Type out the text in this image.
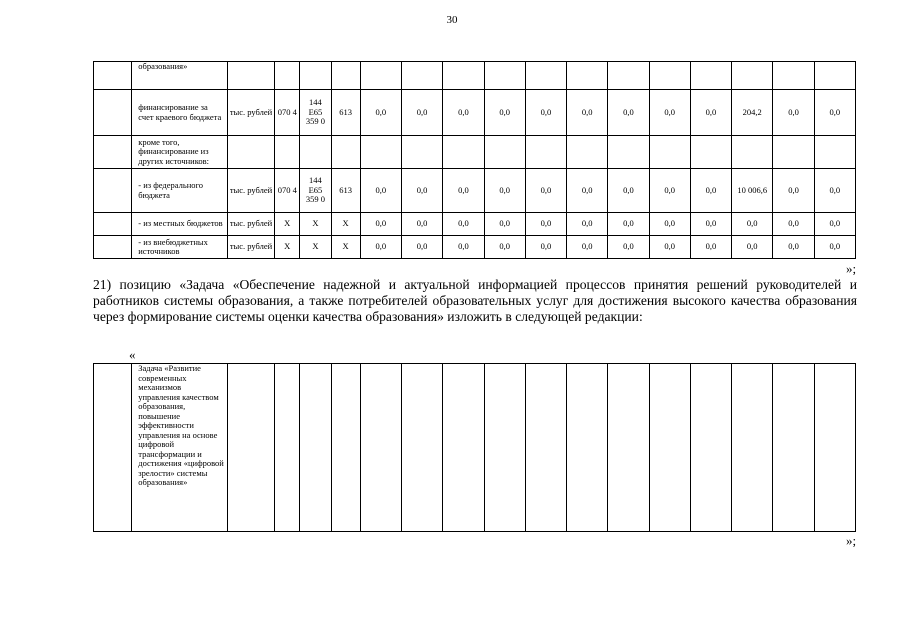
30
	образования»																
	финансирование за счет краевого бюджета	тыс. рублей	070 4	144 E65 359 0	613	0,0	0,0	0,0	0,0	0,0	0,0	0,0	0,0	0,0	204,2	0,0	0,0
	кроме того, финансирование из других источников:																
	- из федерального бюджета	тыс. рублей	070 4	144 E65 359 0	613	0,0	0,0	0,0	0,0	0,0	0,0	0,0	0,0	0,0	10 006,6	0,0	0,0
	- из местных бюджетов	тыс. рублей	X	X	X	0,0	0,0	0,0	0,0	0,0	0,0	0,0	0,0	0,0	0,0	0,0	0,0
	- из внебюджетных источников	тыс. рублей	X	X	X	0,0	0,0	0,0	0,0	0,0	0,0	0,0	0,0	0,0	0,0	0,0	0,0
»;
21) позицию «Задача «Обеспечение надежной и актуальной информацией процессов принятия решений руководителей и работников системы образования, а также потребителей образовательных услуг для достижения высокого качества образования через формирование системы оценки качества образования» изложить в следующей редакции:
«
	Задача «Развитие современных механизмов управления качеством образования, повышение эффективности управления на основе цифровой трансформации и достижения «цифровой зрелости» системы образования»																
»;
